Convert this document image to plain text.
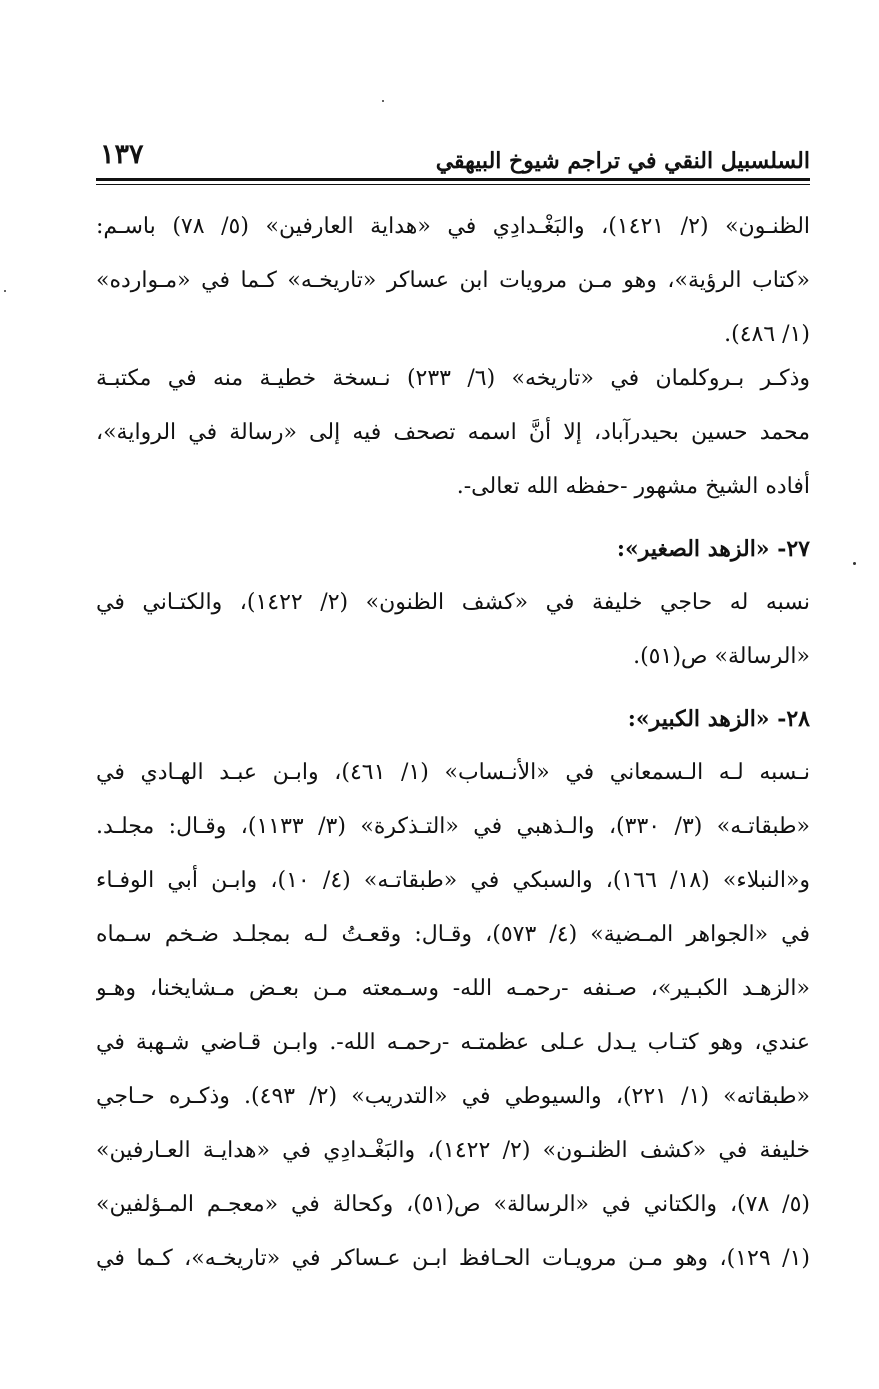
١٣٧	السلسبيل النقي في تراجم شيوخ البيهقي
الظنـون» (٢/ ١٤٢١)، والبَغْـدادِي في «هداية العارفين» (٥/ ٧٨) باسـم:
«كتاب الرؤية»، وهو مـن مرويات ابن عساكر «تاريخـه» كـما في «مـوارده»
(١/ ٤٨٦).
وذكـر بـروكلمان في «تاريخه» (٦/ ٢٣٣) نـسخة خطيـة منه في مكتبـة
محمد حسين بحيدرآباد، إلا أنَّ اسمه تصحف فيه إلى «رسالة في الرواية»،
أفاده الشيخ مشهور -حفظه الله تعالى-.
٢٧- «الزهد الصغير»:
نسبه له حاجي خليفة في «كشف الظنون» (٢/ ١٤٢٢)، والكتـاني في
«الرسالة» ص(٥١).
٢٨- «الزهد الكبير»:
نـسبه لـه الـسمعاني في «الأنـساب» (١/ ٤٦١)، وابـن عبـد الهـادي في
«طبقاتـه» (٣/ ٣٣٠)، والـذهبي في «التـذكرة» (٣/ ١١٣٣)، وقـال: مجلـد.
و«النبلاء» (١٨/ ١٦٦)، والسبكي في «طبقاتـه» (٤/ ١٠)، وابـن أبي الوفـاء
في «الجواهر المـضية» (٤/ ٥٧٣)، وقـال: وقعـتُ لـه بمجلـد ضـخم سـماه
«الزهـد الكبـير»، صـنفه -رحمـه الله- وسـمعته مـن بعـض مـشايخنا، وهـو
عندي، وهو كتـاب يـدل عـلى عظمتـه -رحمـه الله-. وابـن قـاضي شـهبة في
«طبقاته» (١/ ٢٢١)، والسيوطي في «التدريب» (٢/ ٤٩٣). وذكـره حـاجي
خليفة في «كشف الظنـون» (٢/ ١٤٢٢)، والبَغْـدادِي في «هدايـة العـارفين»
(٥/ ٧٨)، والكتاني في «الرسالة» ص(٥١)، وكحالة في «معجـم المـؤلفين»
(١/ ١٢٩)، وهو مـن مرويـات الحـافظ ابـن عـساكر في «تاريخـه»، كـما في
